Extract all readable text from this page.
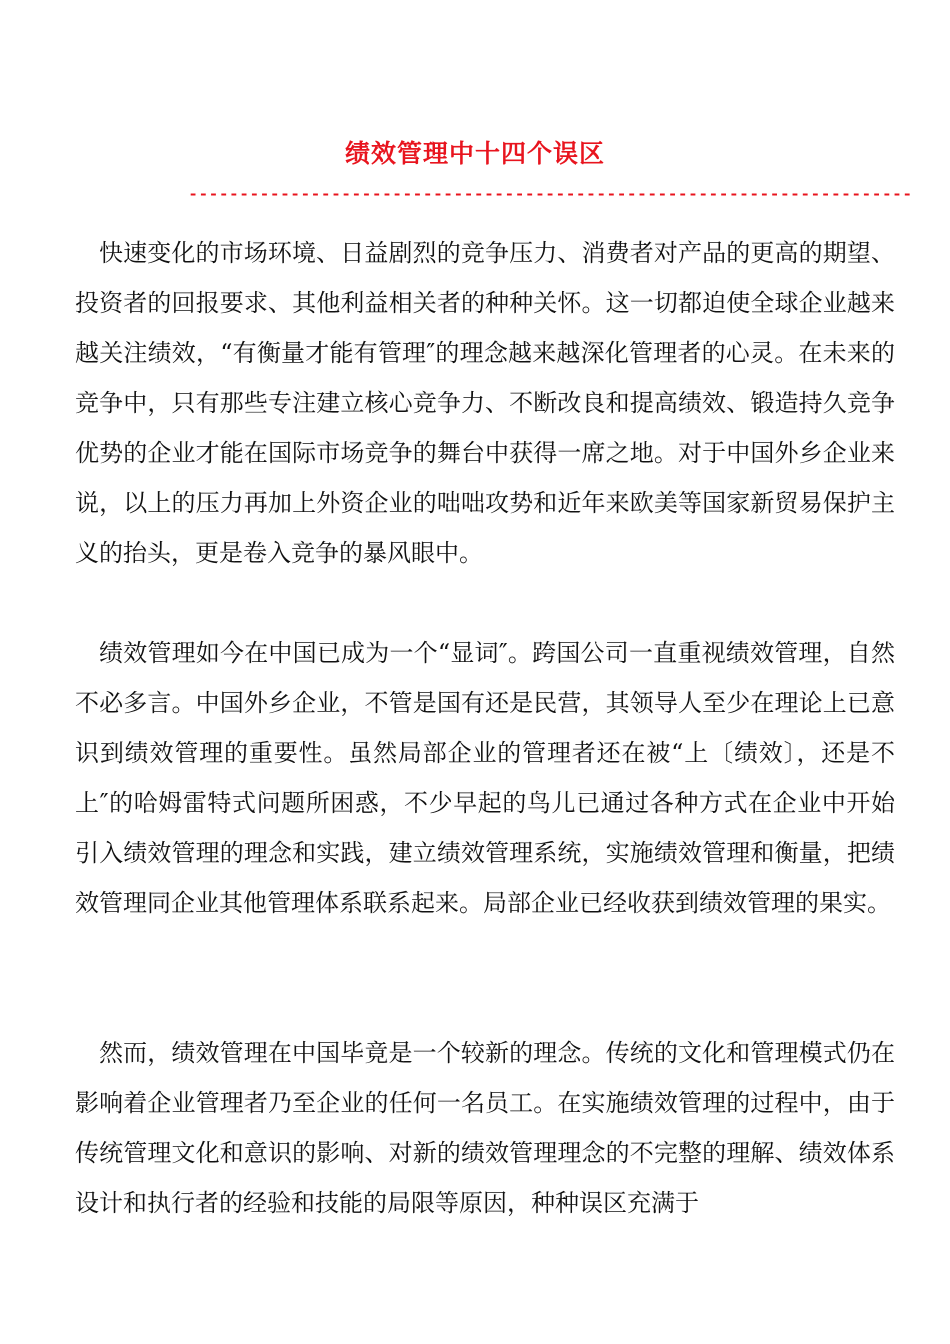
绩效管理中十四个误区
-----------------------------------------------------------------------

快速变化的市场环境、日益剧烈的竞争压力、消费者对产品的更高的期望、投资者的回报要求、其他利益相关者的种种关怀。这一切都迫使全球企业越来越关注绩效，“有衡量才能有管理″的理念越来越深化管理者的心灵。在未来的竞争中，只有那些专注建立核心竞争力、不断改良和提高绩效、锻造持久竞争优势的企业才能在国际市场竞争的舞台中获得一席之地。对于中国外乡企业来说，以上的压力再加上外资企业的咄咄攻势和近年来欧美等国家新贸易保护主义的抬头，更是卷入竞争的暴风眼中。

绩效管理如今在中国已成为一个“显词″。跨国公司一直重视绩效管理，自然不必多言。中国外乡企业，不管是国有还是民营，其领导人至少在理论上已意识到绩效管理的重要性。虽然局部企业的管理者还在被“上〔绩效〕，还是不上″的哈姆雷特式问题所困惑，不少早起的鸟儿已通过各种方式在企业中开始引入绩效管理的理念和实践，建立绩效管理系统，实施绩效管理和衡量，把绩效管理同企业其他管理体系联系起来。局部企业已经收获到绩效管理的果实。

然而，绩效管理在中国毕竟是一个较新的理念。传统的文化和管理模式仍在影响着企业管理者乃至企业的任何一名员工。在实施绩效管理的过程中，由于传统管理文化和意识的影响、对新的绩效管理理念的不完整的理解、绩效体系设计和执行者的经验和技能的局限等原因，种种误区充满于
